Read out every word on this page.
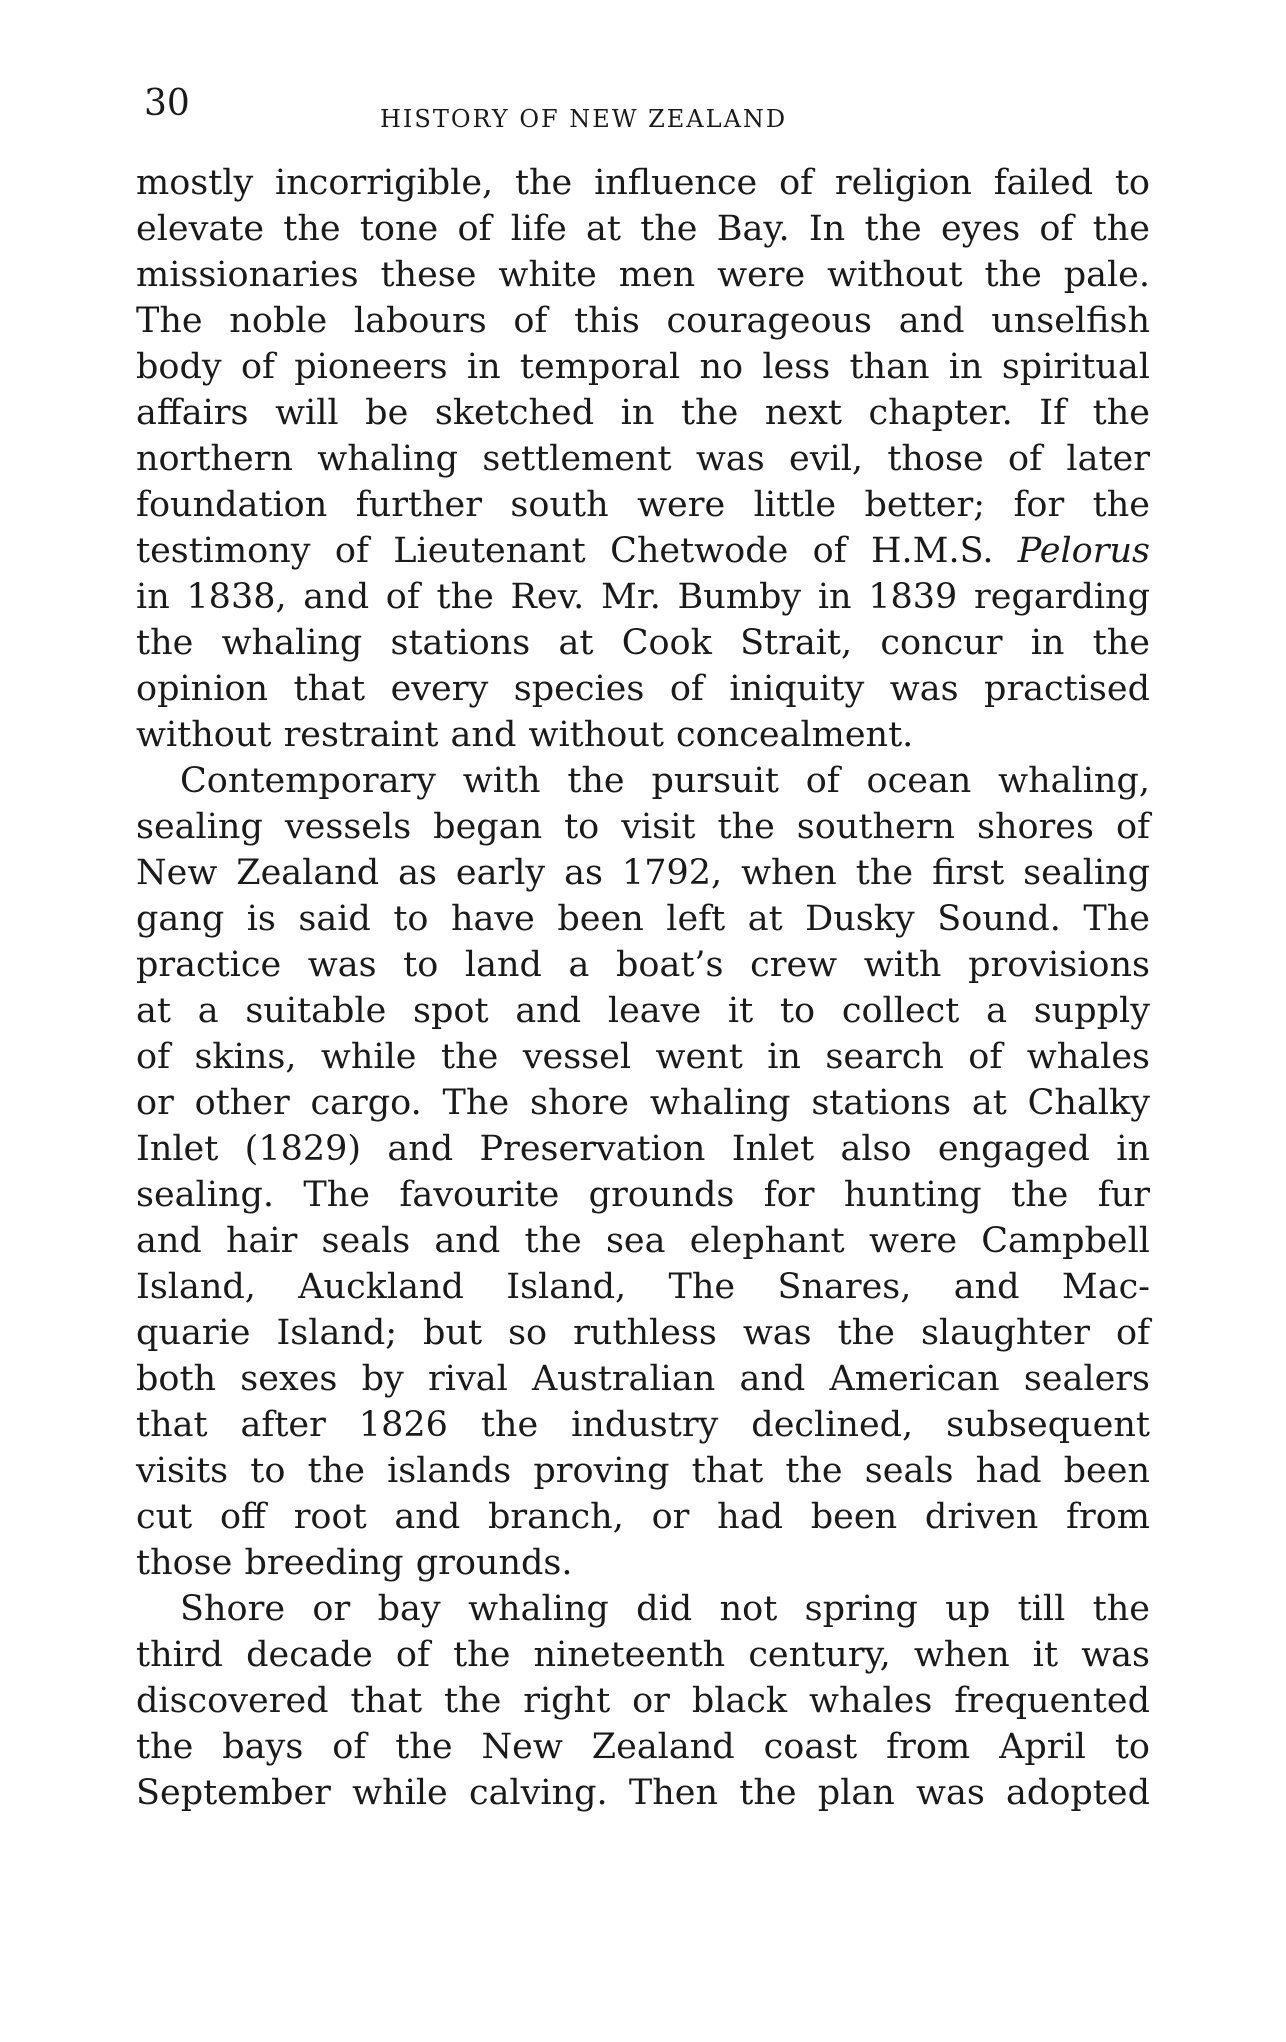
30	HISTORY OF NEW ZEALAND
mostly incorrigible, the influence of religion failed to
elevate the tone of life at the Bay. In the eyes of the
missionaries these white men were without the pale.
The noble labours of this courageous and unselfish
body of pioneers in temporal no less than in spiritual
affairs will be sketched in the next chapter. If the
northern whaling settlement was evil, those of later
foundation further south were little better; for the
testimony of Lieutenant Chetwode of H.M.S. Pelorus
in 1838, and of the Rev. Mr. Bumby in 1839 regarding
the whaling stations at Cook Strait, concur in the
opinion that every species of iniquity was practised
without restraint and without concealment.
Contemporary with the pursuit of ocean whaling,
sealing vessels began to visit the southern shores of
New Zealand as early as 1792, when the first sealing
gang is said to have been left at Dusky Sound. The
practice was to land a boat’s crew with provisions
at a suitable spot and leave it to collect a supply
of skins, while the vessel went in search of whales
or other cargo. The shore whaling stations at Chalky
Inlet (1829) and Preservation Inlet also engaged in
sealing. The favourite grounds for hunting the fur
and hair seals and the sea elephant were Campbell
Island, Auckland Island, The Snares, and Mac-
quarie Island; but so ruthless was the slaughter of
both sexes by rival Australian and American sealers
that after 1826 the industry declined, subsequent
visits to the islands proving that the seals had been
cut off root and branch, or had been driven from
those breeding grounds.
Shore or bay whaling did not spring up till the
third decade of the nineteenth century, when it was
discovered that the right or black whales frequented
the bays of the New Zealand coast from April to
September while calving. Then the plan was adopted
